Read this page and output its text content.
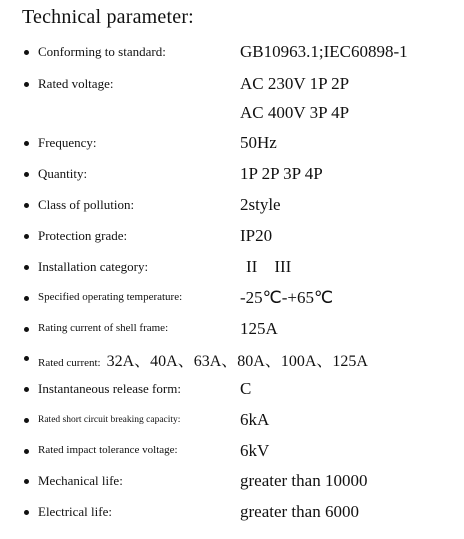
Technical parameter:
Conforming to standard:	GB10963.1;IEC60898-1
Rated voltage:	AC 230V 1P 2P
AC 400V 3P 4P
Frequency:	50Hz
Quantity:	1P 2P 3P 4P
Class of pollution:	2style
Protection grade:	IP20
Installation category:	II    III
Specified operating temperature:	-25℃-+65℃
Rating current of shell frame:	125A
Rated current: 32A、40A、63A、80A、100A、125A
Instantaneous release form:	C
Rated short circuit breaking capacity:	6kA
Rated impact tolerance voltage:	6kV
Mechanical life:	greater than 10000
Electrical life:	greater than 6000
